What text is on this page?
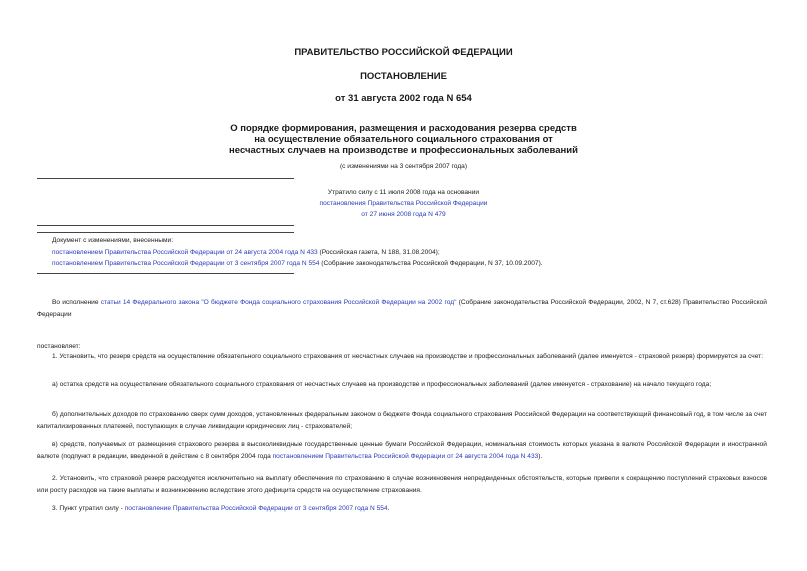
ПРАВИТЕЛЬСТВО РОССИЙСКОЙ ФЕДЕРАЦИИ
ПОСТАНОВЛЕНИЕ
от 31 августа 2002 года N 654
О порядке формирования, размещения и расходования резерва средств
на осуществление обязательного социального страхования от
несчастных случаев на производстве и профессиональных заболеваний
(с изменениями на 3 сентября 2007 года)
Утратило силу с 11 июля 2008 года на основании
постановления Правительства Российской Федерации
от 27 июня 2008 года N 479
Документ с изменениями, внесенными:
постановлением Правительства Российской Федерации от 24 августа 2004 года N 433 (Российская газета, N 188, 31.08.2004);
постановлением Правительства Российской Федерации от 3 сентября 2007 года N 554 (Собрание законодательства Российской Федерации, N 37, 10.09.2007).
Во исполнение статьи 14 Федерального закона "О бюджете Фонда социального страхования Российской Федерации на 2002 год" (Собрание законодательства Российской Федерации, 2002, N 7, ст.628) Правительство Российской Федерации
постановляет:
1. Установить, что резерв средств на осуществление обязательного социального страхования от несчастных случаев на производстве и профессиональных заболеваний (далее именуется - страховой резерв) формируется за счет:
а) остатка средств на осуществление обязательного социального страхования от несчастных случаев на производстве и профессиональных заболеваний (далее именуется - страхование) на начало текущего года;
б) дополнительных доходов по страхованию сверх сумм доходов, установленных федеральным законом о бюджете Фонда социального страхования Российской Федерации на соответствующий финансовый год, в том числе за счет капитализированных платежей, поступающих в случае ликвидации юридических лиц - страхователей;
в) средств, получаемых от размещения страхового резерва в высоколиквидные государственные ценные бумаги Российской Федерации, номинальная стоимость которых указана в валюте Российской Федерации и иностранной валюте (подпункт в редакции, введенной в действие с 8 сентября 2004 года постановлением Правительства Российской Федерации от 24 августа 2004 года N 433).
2. Установить, что страховой резерв расходуется исключительно на выплату обеспечения по страхованию в случае возникновения непредвиденных обстоятельств, которые привели к сокращению поступлений страховых взносов или росту расходов на такие выплаты и возникновению вследствие этого дефицита средств на осуществление страхования.
3. Пункт утратил силу - постановление Правительства Российской Федерации от 3 сентября 2007 года N 554.
